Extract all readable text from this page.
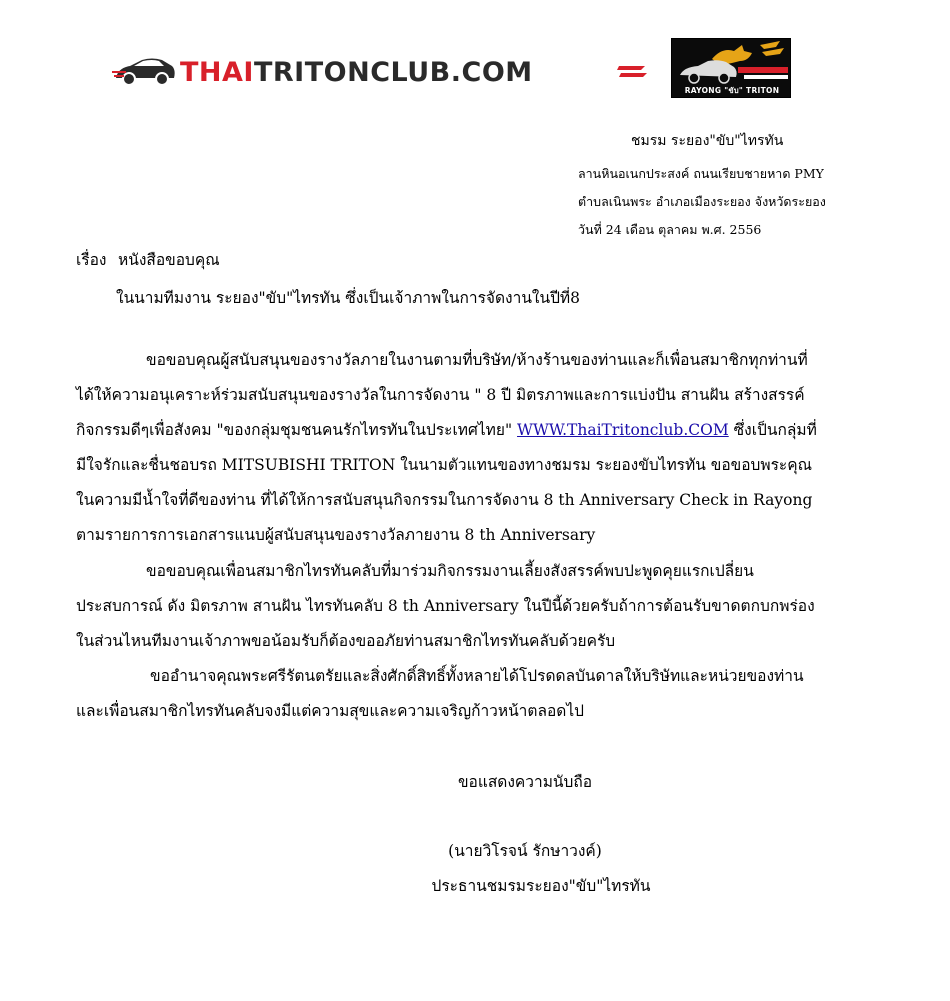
THAITRITONCLUB.COM
RAYONG "ขับ" TRITON
ชมรม ระยอง"ขับ"ไทรทัน
ลานหินอเนกประสงค์ ถนนเรียบชายหาด PMY
ตำบลเนินพระ อำเภอเมืองระยอง จังหวัดระยอง
วันที่ 24 เดือน ตุลาคม พ.ศ. 2556
เรื่อง หนังสือขอบคุณ
ในนามทีมงาน ระยอง"ขับ"ไทรทัน ซึ่งเป็นเจ้าภาพในการจัดงานในปีที่8
ขอขอบคุณผู้สนับสนุนของรางวัลภายในงานตามที่บริษัท/ห้างร้านของท่านและก็เพื่อนสมาชิกทุกท่านที่
ได้ให้ความอนุเคราะห์ร่วมสนับสนุนของรางวัลในการจัดงาน " 8 ปี มิตรภาพและการแบ่งปัน สานฝัน สร้างสรรค์
กิจกรรมดีๆเพื่อสังคม "ของกลุ่มชุมชนคนรักไทรทันในประเทศไทย" WWW.ThaiTritonclub.COM ซึ่งเป็นกลุ่มที่
มีใจรักและชื่นชอบรถ MITSUBISHI TRITON ในนามตัวแทนของทางชมรม ระยองขับไทรทัน ขอขอบพระคุณ
ในความมีน้ำใจที่ดีของท่าน ที่ได้ให้การสนับสนุนกิจกรรมในการจัดงาน 8 th Anniversary Check in Rayong
ตามรายการการเอกสารแนบผู้สนับสนุนของรางวัลภายงาน 8 th Anniversary
ขอขอบคุณเพื่อนสมาชิกไทรทันคลับที่มาร่วมกิจกรรมงานเลี้ยงสังสรรค์พบปะพูดคุยแรกเปลี่ยน
ประสบการณ์ ดัง มิตรภาพ สานฝัน ไทรทันคลับ 8 th Anniversary ในปีนี้ด้วยครับถ้าการต้อนรับขาดตกบกพร่อง
ในส่วนไหนทีมงานเจ้าภาพขอน้อมรับก็ต้องขออภัยท่านสมาชิกไทรทันคลับด้วยครับ
ขออำนาจคุณพระศรีรัตนตรัยและสิ่งศักดิ์สิทธิ์ทั้งหลายได้โปรดดลบันดาลให้บริษัทและหน่วยของท่าน
และเพื่อนสมาชิกไทรทันคลับจงมีแต่ความสุขและความเจริญก้าวหน้าตลอดไป
ขอแสดงความนับถือ
(นายวิโรจน์ รักษาวงค์)
ประธานชมรมระยอง"ขับ"ไทรทัน
